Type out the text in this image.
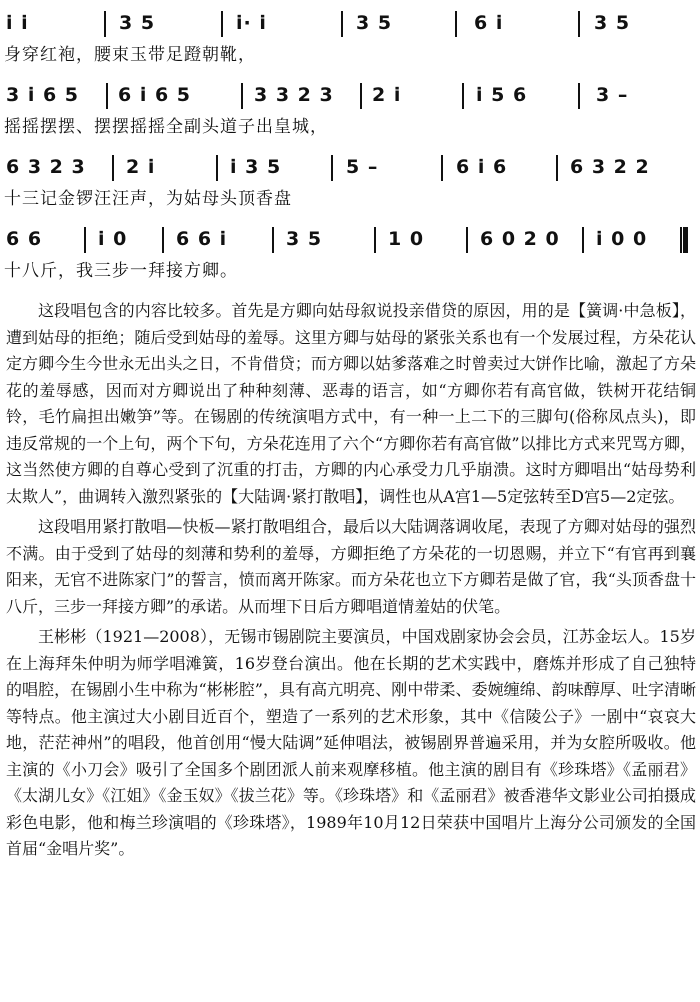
i̇ i̇	3 5	i̇· i̇	3 5	6 i̇	3 5
身穿红袍，腰束玉带足蹬朝靴，
3 i̇ 6 5 6 i̇ 6 5	3 3 2 3 2 i̇	i̇ 5 6	3 –
摇摇摆摆、摆摆摇摇全副头道子出皇城，
6 3 2 3 2 i̇	i̇ 3 5	5 –	6 i̇ 6	6 3 2 2
十三记金锣汪汪声，为姑母头顶香盘
6 6	i̇ 0	6 6 i̇	3 5	1 0	6 0 2 0 i̇ 0 0
十八斤，我三步一拜接方卿。

这段唱包含的内容比较多。首先是方卿向姑母叙说投亲借贷的原因，用的是【簧调·中急板】，遭到姑母的拒绝；随后受到姑母的羞辱。这里方卿与姑母的紧张关系也有一个发展过程，方朵花认定方卿今生今世永无出头之日，不肯借贷；而方卿以姑爹落难之时曾卖过大饼作比喻，激起了方朵花的羞辱感，因而对方卿说出了种种刻薄、恶毒的语言，如“方卿你若有高官做，铁树开花结铜铃，毛竹扁担出嫩笋”等。在锡剧的传统演唱方式中，有一种一上二下的三脚句(俗称凤点头)，即违反常规的一个上句，两个下句，方朵花连用了六个“方卿你若有高官做”以排比方式来咒骂方卿，这当然使方卿的自尊心受到了沉重的打击，方卿的内心承受力几乎崩溃。这时方卿唱出“姑母势利太欺人”，曲调转入激烈紧张的【大陆调·紧打散唱】，调性也从A宫1—5定弦转至D宫5—2定弦。

这段唱用紧打散唱—快板—紧打散唱组合，最后以大陆调落调收尾，表现了方卿对姑母的强烈不满。由于受到了姑母的刻薄和势利的羞辱，方卿拒绝了方朵花的一切恩赐，并立下“有官再到襄阳来，无官不进陈家门”的誓言，愤而离开陈家。而方朵花也立下方卿若是做了官，我“头顶香盘十八斤，三步一拜接方卿”的承诺。从而埋下日后方卿唱道情羞姑的伏笔。

王彬彬（1921—2008），无锡市锡剧院主要演员，中国戏剧家协会会员，江苏金坛人。15岁在上海拜朱仲明为师学唱滩簧，16岁登台演出。他在长期的艺术实践中，磨炼并形成了自己独特的唱腔，在锡剧小生中称为“彬彬腔”，具有高亢明亮、刚中带柔、委婉缠绵、韵味醇厚、吐字清晰等特点。他主演过大小剧目近百个，塑造了一系列的艺术形象，其中《信陵公子》一剧中“哀哀大地，茫茫神州”的唱段，他首创用“慢大陆调”延伸唱法，被锡剧界普遍采用，并为女腔所吸收。他主演的《小刀会》吸引了全国多个剧团派人前来观摩移植。他主演的剧目有《珍珠塔》《孟丽君》《太湖儿女》《江姐》《金玉奴》《拔兰花》等。《珍珠塔》和《孟丽君》被香港华文影业公司拍摄成彩色电影，他和梅兰珍演唱的《珍珠塔》，1989年10月12日荣获中国唱片上海分公司颁发的全国首届“金唱片奖”。
